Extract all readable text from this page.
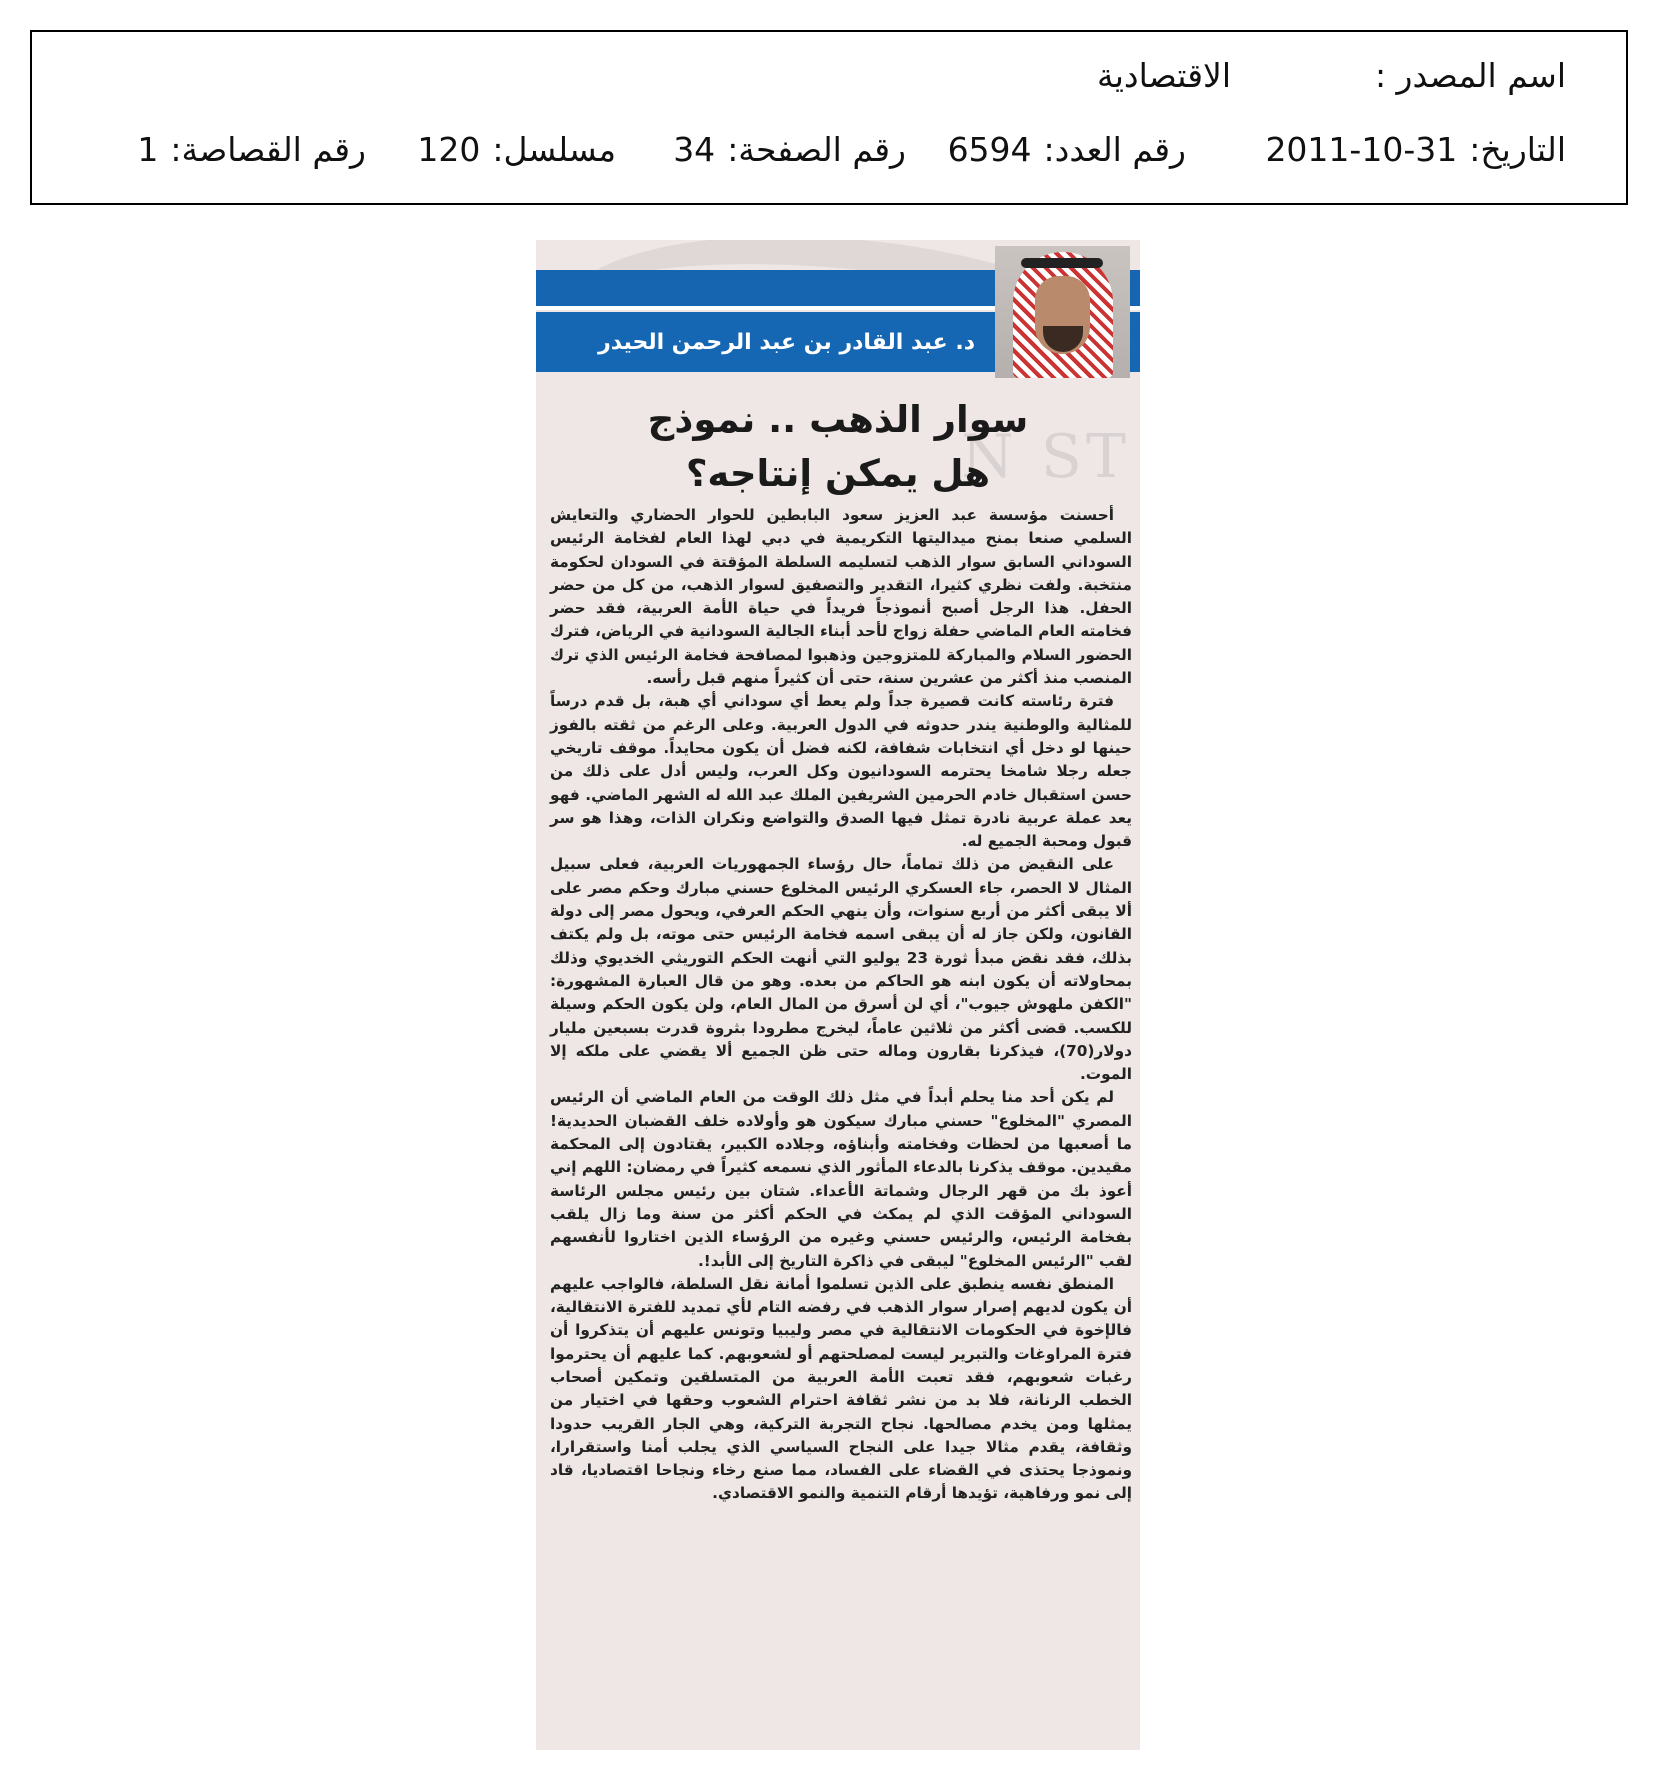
اسم المصدر :
الاقتصادية
التاريخ:2011-10-31
رقم العدد:6594
رقم الصفحة:34
مسلسل:120
رقم القصاصة:1
N ST
د. عبد القادر بن عبد الرحمن الحيدر
سوار الذهب .. نموذج
هل يمكن إنتاجه؟

أحسنت مؤسسة عبد العزيز سعود البابطين للحوار الحضاري والتعايش السلمي صنعا بمنح ميداليتها التكريمية في دبي لهذا العام لفخامة الرئيس السوداني السابق سوار الذهب لتسليمه السلطة المؤقتة في السودان لحكومة منتخبة. ولفت نظري كثيرا، التقدير والتصفيق لسوار الذهب، من كل من حضر الحفل. هذا الرجل أصبح أنموذجاً فريداً في حياة الأمة العربية، فقد حضر فخامته العام الماضي حفلة زواج لأحد أبناء الجالية السودانية في الرياض، فترك الحضور السلام والمباركة للمتزوجين وذهبوا لمصافحة فخامة الرئيس الذي ترك المنصب منذ أكثر من عشرين سنة، حتى أن كثيراً منهم قبل رأسه.

فترة رئاسته كانت قصيرة جداً ولم يعط أي سوداني أي هبة، بل قدم درساً للمثالية والوطنية يندر حدوثه في الدول العربية. وعلى الرغم من ثقته بالفوز حينها لو دخل أي انتخابات شفافة، لكنه فضل أن يكون محايداً. موقف تاريخي جعله رجلا شامخا يحترمه السودانيون وكل العرب، وليس أدل على ذلك من حسن استقبال خادم الحرمين الشريفين الملك عبد الله له الشهر الماضي. فهو يعد عملة عربية نادرة تمثل فيها الصدق والتواضع ونكران الذات، وهذا هو سر قبول ومحبة الجميع له.

على النقيض من ذلك تماماً، حال رؤساء الجمهوريات العربية، فعلى سبيل المثال لا الحصر، جاء العسكري الرئيس المخلوع حسني مبارك وحكم مصر على ألا يبقى أكثر من أربع سنوات، وأن ينهي الحكم العرفي، ويحول مصر إلى دولة القانون، ولكن جاز له أن يبقى اسمه فخامة الرئيس حتى موته، بل ولم يكتف بذلك، فقد نقض مبدأ ثورة 23 يوليو التي أنهت الحكم التوريثي الخديوي وذلك بمحاولاته أن يكون ابنه هو الحاكم من بعده. وهو من قال العبارة المشهورة: "الكفن ملهوش جيوب"، أي لن أسرق من المال العام، ولن يكون الحكم وسيلة للكسب. قضى أكثر من ثلاثين عاماً، ليخرج مطرودا بثروة قدرت بسبعين مليار دولار(70)، فيذكرنا بقارون وماله حتى ظن الجميع ألا يقضي على ملكه إلا الموت.

لم يكن أحد منا يحلم أبداً في مثل ذلك الوقت من العام الماضي أن الرئيس المصري "المخلوع" حسني مبارك سيكون هو وأولاده خلف القضبان الحديدية! ما أصعبها من لحظات وفخامته وأبناؤه، وجلاده الكبير، يقتادون إلى المحكمة مقيدين. موقف يذكرنا بالدعاء المأثور الذي نسمعه كثيراً في رمضان: اللهم إني أعوذ بك من قهر الرجال وشماتة الأعداء. شتان بين رئيس مجلس الرئاسة السوداني المؤقت الذي لم يمكث في الحكم أكثر من سنة وما زال يلقب بفخامة الرئيس، والرئيس حسني وغيره من الرؤساء الذين اختاروا لأنفسهم لقب "الرئيس المخلوع" ليبقى في ذاكرة التاريخ إلى الأبد!.

المنطق نفسه ينطبق على الذين تسلموا أمانة نقل السلطة، فالواجب عليهم أن يكون لديهم إصرار سوار الذهب في رفضه التام لأي تمديد للفترة الانتقالية، فالإخوة في الحكومات الانتقالية في مصر وليبيا وتونس عليهم أن يتذكروا أن فترة المراوغات والتبرير ليست لمصلحتهم أو لشعوبهم. كما عليهم أن يحترموا رغبات شعوبهم، فقد تعبت الأمة العربية من المتسلقين وتمكين أصحاب الخطب الرنانة، فلا بد من نشر ثقافة احترام الشعوب وحقها في اختيار من يمثلها ومن يخدم مصالحها. نجاح التجربة التركية، وهي الجار القريب حدودا وثقافة، يقدم مثالا جيدا على النجاح السياسي الذي يجلب أمنا واستقرارا، ونموذجا يحتذى في القضاء على الفساد، مما صنع رخاء ونجاحا اقتصاديا، قاد إلى نمو ورفاهية، تؤيدها أرقام التنمية والنمو الاقتصادي.
